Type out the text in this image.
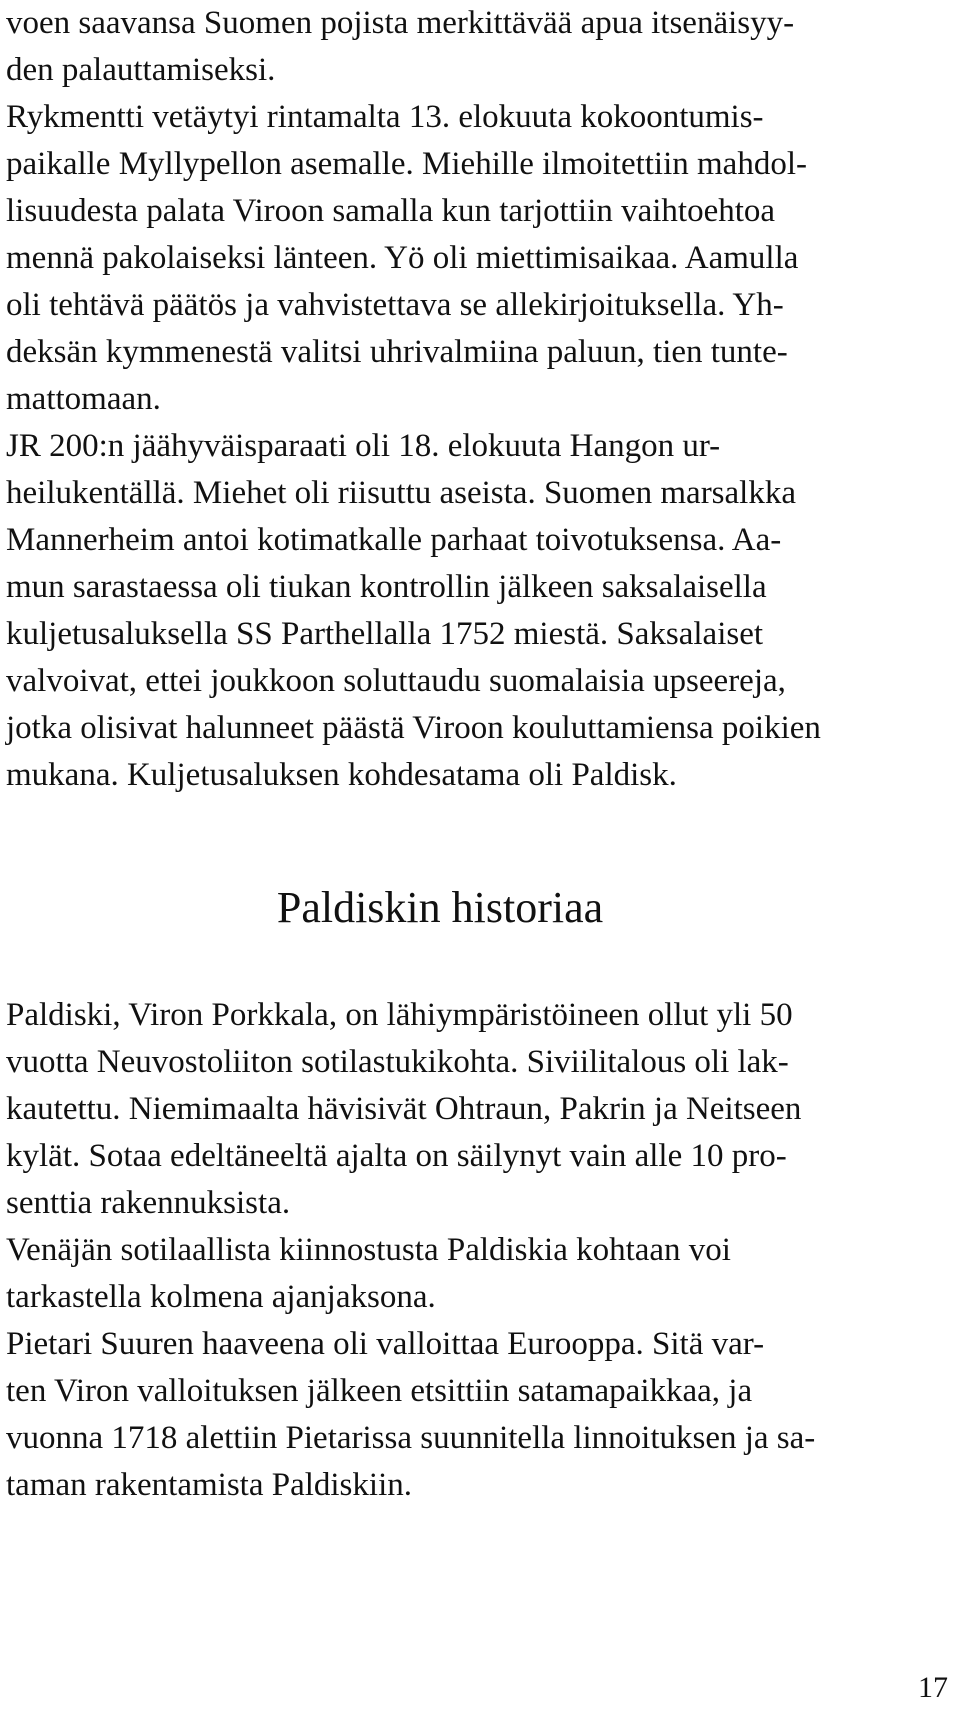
voen saavansa Suomen pojista merkittävää apua itsenäisyy-
den palauttamiseksi.
Rykmentti vetäytyi rintamalta 13. elokuuta kokoontumis-
paikalle Myllypellon asemalle. Miehille ilmoitettiin mahdol-
lisuudesta palata Viroon samalla kun tarjottiin vaihtoehtoa
mennä pakolaiseksi länteen. Yö oli miettimisaikaa. Aamulla
oli tehtävä päätös ja vahvistettava se allekirjoituksella. Yh-
deksän kymmenestä valitsi uhrivalmiina paluun, tien tunte-
mattomaan.
JR 200:n jäähyväisparaati oli 18. elokuuta Hangon ur-
heilukentällä. Miehet oli riisuttu aseista. Suomen marsalkka
Mannerheim antoi kotimatkalle parhaat toivotuksensa. Aa-
mun sarastaessa oli tiukan kontrollin jälkeen saksalaisella
kuljetusaluksella SS Parthellalla 1752 miestä. Saksalaiset
valvoivat, ettei joukkoon soluttaudu suomalaisia upseereja,
jotka olisivat halunneet päästä Viroon kouluttamiensa poikien
mukana. Kuljetusaluksen kohdesatama oli Paldisk.
Paldiskin historiaa
Paldiski, Viron Porkkala, on lähiympäristöineen ollut yli 50
vuotta Neuvostoliiton sotilastukikohta. Siviilitalous oli lak-
kautettu. Niemimaalta hävisivät Ohtraun, Pakrin ja Neitseen
kylät. Sotaa edeltäneeltä ajalta on säilynyt vain alle 10 pro-
senttia rakennuksista.
Venäjän sotilaallista kiinnostusta Paldiskia kohtaan voi
tarkastella kolmena ajanjaksona.
Pietari Suuren haaveena oli valloittaa Eurooppa. Sitä var-
ten Viron valloituksen jälkeen etsittiin satamapaikkaa, ja
vuonna 1718 alettiin Pietarissa suunnitella linnoituksen ja sa-
taman rakentamista Paldiskiin.
17
